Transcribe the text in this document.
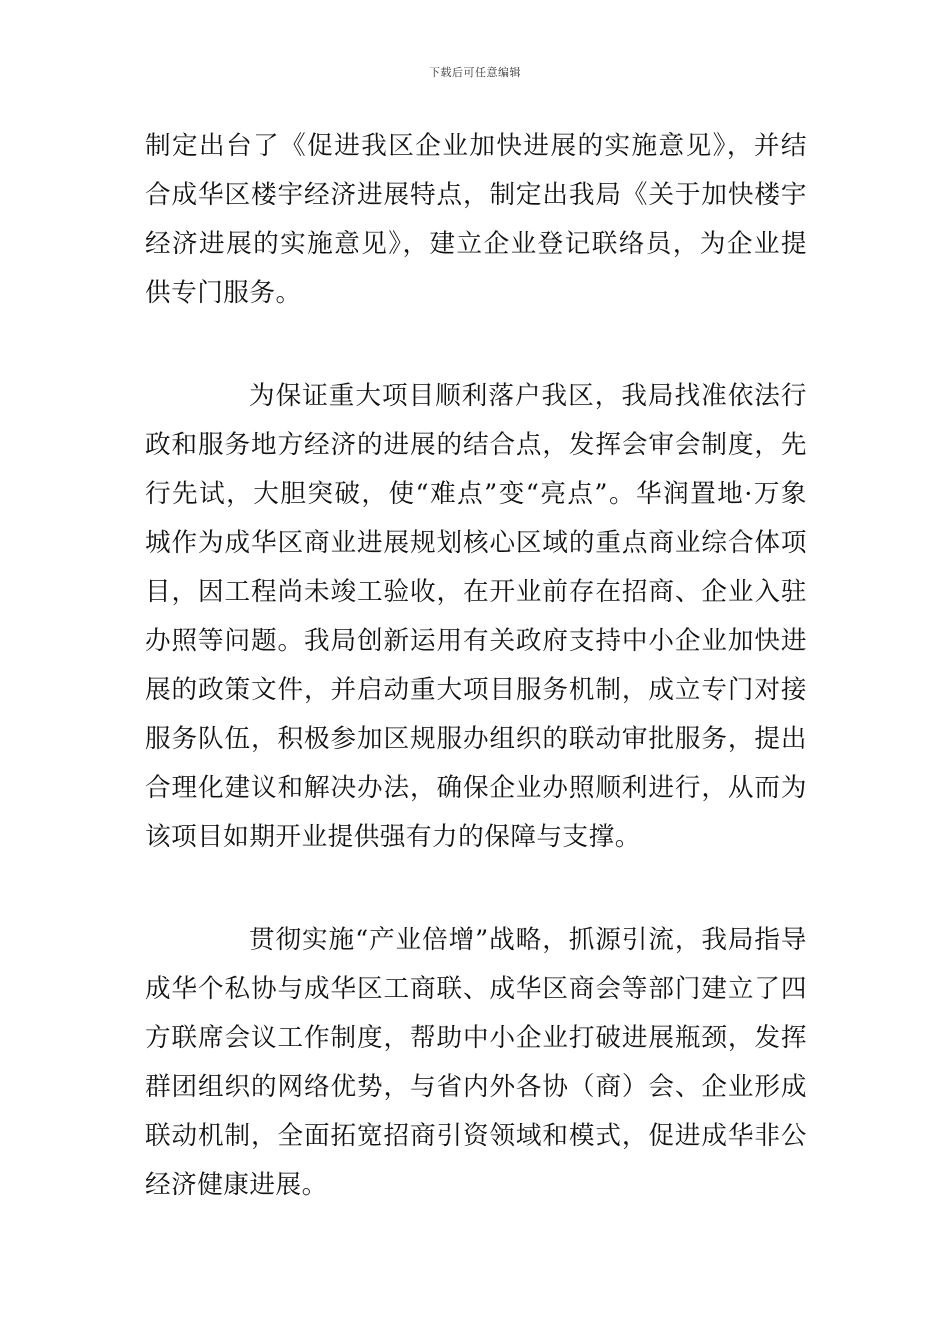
下载后可任意编辑

制定出台了《促进我区企业加快进展的实施意见》，并结合成华区楼宇经济进展特点，制定出我局《关于加快楼宇经济进展的实施意见》，建立企业登记联络员，为企业提供专门服务。

为保证重大项目顺利落户我区，我局找准依法行政和服务地方经济的进展的结合点，发挥会审会制度，先行先试，大胆突破，使“难点”变“亮点”。华润置地·万象城作为成华区商业进展规划核心区域的重点商业综合体项目，因工程尚未竣工验收，在开业前存在招商、企业入驻办照等问题。我局创新运用有关政府支持中小企业加快进展的政策文件，并启动重大项目服务机制，成立专门对接服务队伍，积极参加区规服办组织的联动审批服务，提出合理化建议和解决办法，确保企业办照顺利进行，从而为该项目如期开业提供强有力的保障与支撑。

贯彻实施“产业倍增”战略，抓源引流，我局指导成华个私协与成华区工商联、成华区商会等部门建立了四方联席会议工作制度，帮助中小企业打破进展瓶颈，发挥群团组织的网络优势，与省内外各协（商）会、企业形成联动机制，全面拓宽招商引资领域和模式，促进成华非公经济健康进展。
